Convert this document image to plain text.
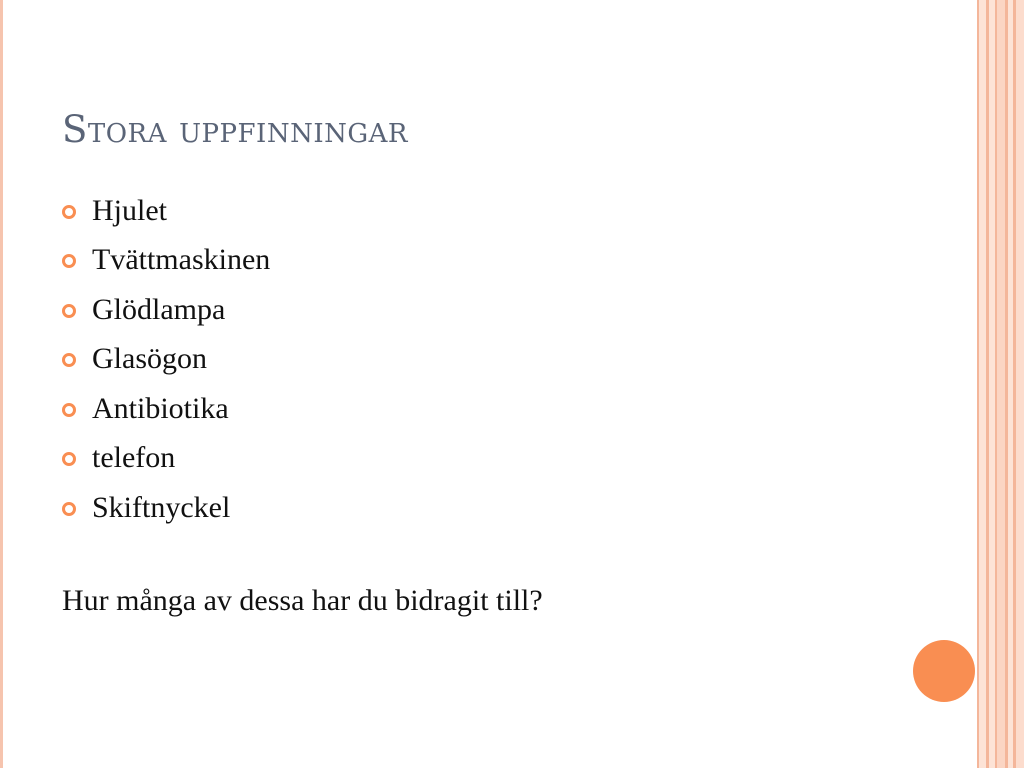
Stora uppfinningar
Hjulet
Tvättmaskinen
Glödlampa
Glasögon
Antibiotika
telefon
Skiftnyckel
Hur många av dessa har du bidragit till?
